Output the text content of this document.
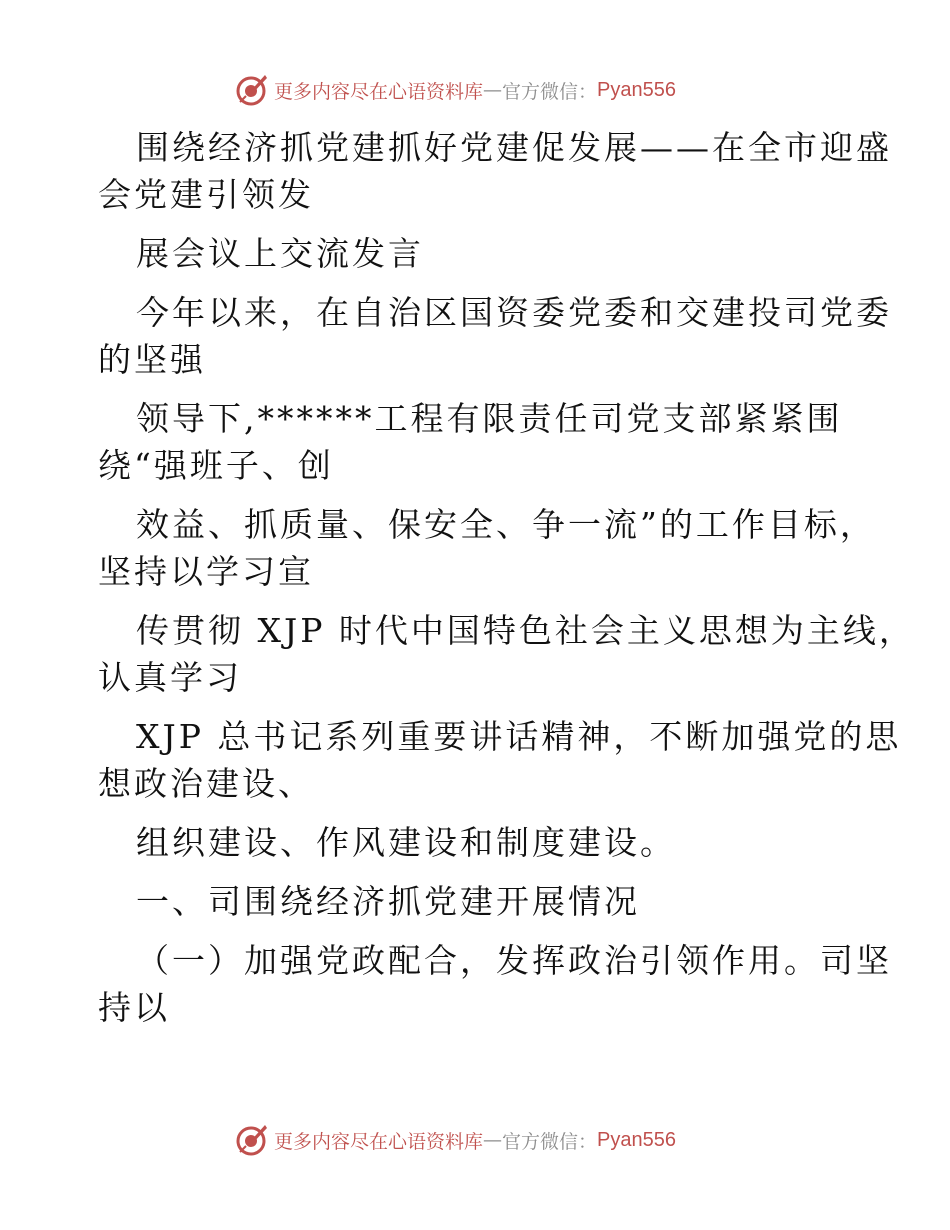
更多内容尽在心语资料库 — 官方微信： Pyan556
围绕经济抓党建抓好党建促发展——在全市迎盛
会党建引领发
展会议上交流发言
今年以来，在自治区国资委党委和交建投司党委
的坚强
领导下,******工程有限责任司党支部紧紧围
绕“强班子、创
效益、抓质量、保安全、争一流”的工作目标，
坚持以学习宣
传贯彻 XJP 时代中国特色社会主义思想为主线，
认真学习
XJP 总书记系列重要讲话精神，不断加强党的思
想政治建设、
组织建设、作风建设和制度建设。
一、司围绕经济抓党建开展情况
（一）加强党政配合，发挥政治引领作用。司坚
持以
更多内容尽在心语资料库 — 官方微信： Pyan556
